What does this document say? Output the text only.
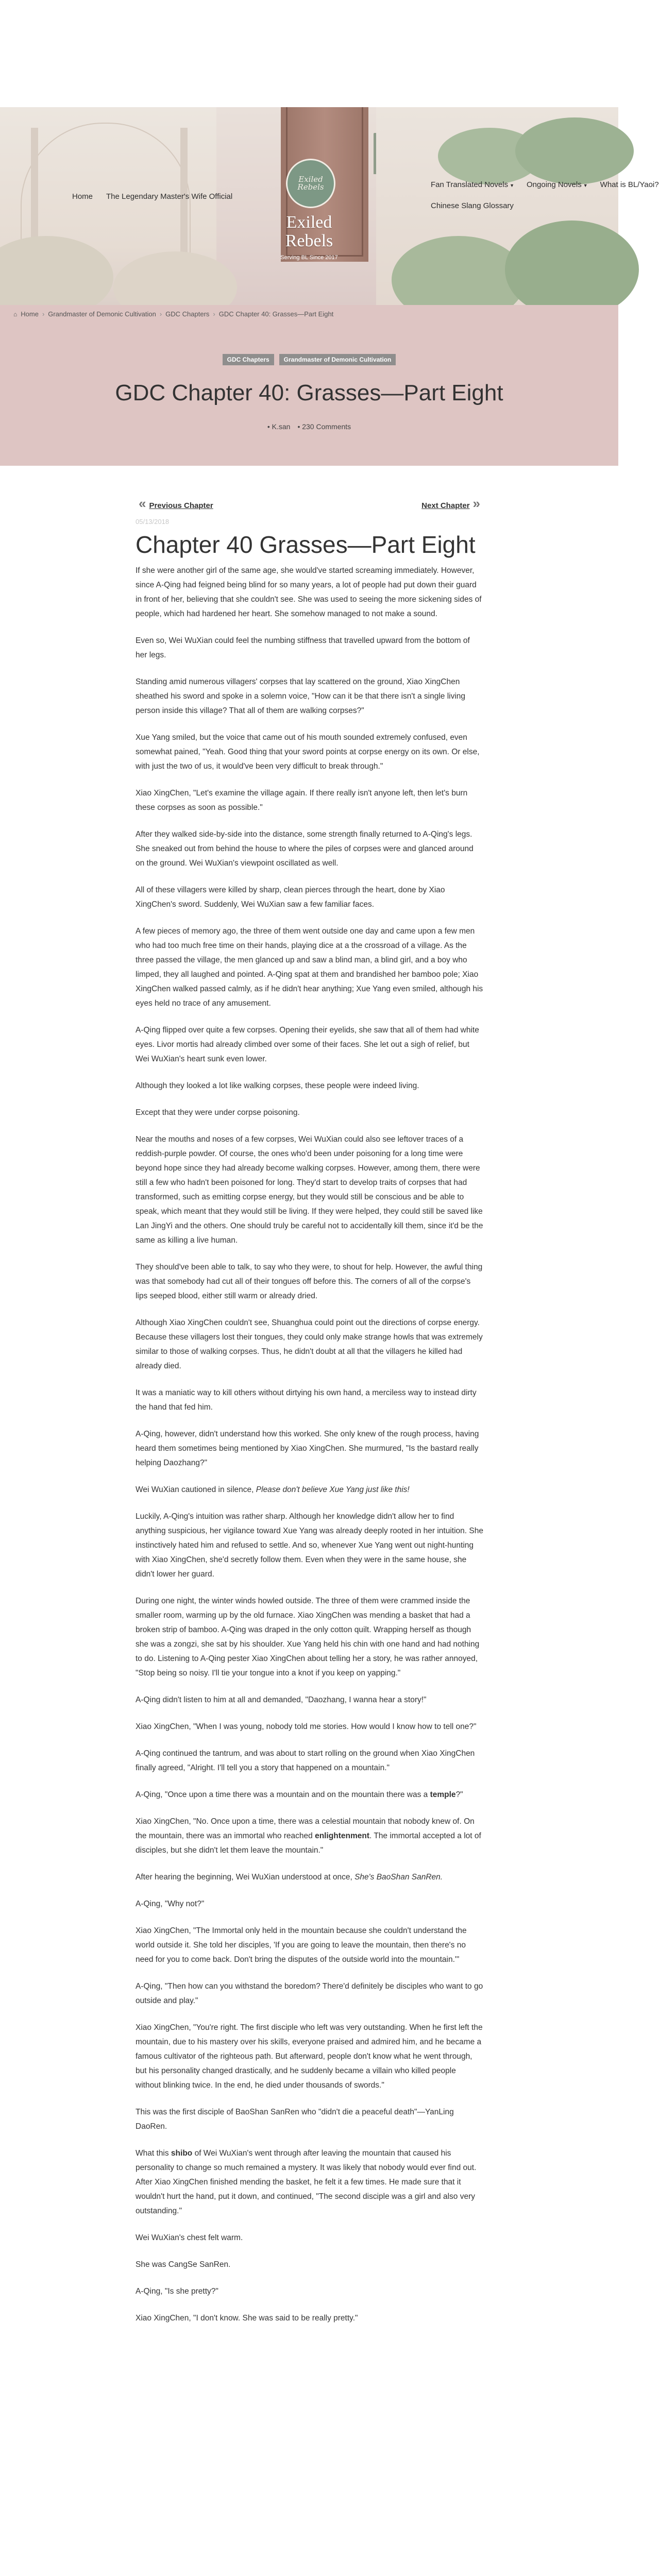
Exiled Rebels
Exiled
Rebels
Serving BL Since 2017
Home The Legendary Master's Wife Official
Fan Translated Novels ▼ Ongoing Novels ▼ What is BL/Yaoi?
Chinese Slang Glossary
⌂ Home › Grandmaster of Demonic Cultivation › GDC Chapters › GDC Chapter 40: Grasses—Part Eight
GDC Chapters	Grandmaster of Demonic Cultivation
GDC Chapter 40: Grasses—Part Eight
• K.san • 230 Comments
« Previous Chapter	Next Chapter »
05/13/2018
Chapter 40 Grasses—Part Eight

If she were another girl of the same age, she would've started screaming immediately. However, since A-Qing had feigned being blind for so many years, a lot of people had put down their guard in front of her, believing that she couldn't see. She was used to seeing the more sickening sides of people, which had hardened her heart. She somehow managed to not make a sound.

Even so, Wei WuXian could feel the numbing stiffness that travelled upward from the bottom of her legs.

Standing amid numerous villagers' corpses that lay scattered on the ground, Xiao XingChen sheathed his sword and spoke in a solemn voice, "How can it be that there isn't a single living person inside this village? That all of them are walking corpses?"

Xue Yang smiled, but the voice that came out of his mouth sounded extremely confused, even somewhat pained, "Yeah. Good thing that your sword points at corpse energy on its own. Or else, with just the two of us, it would've been very difficult to break through."

Xiao XingChen, "Let's examine the village again. If there really isn't anyone left, then let's burn these corpses as soon as possible."

After they walked side-by-side into the distance, some strength finally returned to A-Qing's legs. She sneaked out from behind the house to where the piles of corpses were and glanced around on the ground. Wei WuXian's viewpoint oscillated as well.

All of these villagers were killed by sharp, clean pierces through the heart, done by Xiao XingChen's sword. Suddenly, Wei WuXian saw a few familiar faces.

A few pieces of memory ago, the three of them went outside one day and came upon a few men who had too much free time on their hands, playing dice at a the crossroad of a village. As the three passed the village, the men glanced up and saw a blind man, a blind girl, and a boy who limped, they all laughed and pointed. A-Qing spat at them and brandished her bamboo pole; Xiao XingChen walked passed calmly, as if he didn't hear anything; Xue Yang even smiled, although his eyes held no trace of any amusement.

A-Qing flipped over quite a few corpses. Opening their eyelids, she saw that all of them had white eyes. Livor mortis had already climbed over some of their faces. She let out a sigh of relief, but Wei WuXian's heart sunk even lower.

Although they looked a lot like walking corpses, these people were indeed living.

Except that they were under corpse poisoning.

Near the mouths and noses of a few corpses, Wei WuXian could also see leftover traces of a reddish-purple powder. Of course, the ones who'd been under poisoning for a long time were beyond hope since they had already become walking corpses. However, among them, there were still a few who hadn't been poisoned for long. They'd start to develop traits of corpses that had transformed, such as emitting corpse energy, but they would still be conscious and be able to speak, which meant that they would still be living. If they were helped, they could still be saved like Lan JingYi and the others. One should truly be careful not to accidentally kill them, since it'd be the same as killing a live human.

They should've been able to talk, to say who they were, to shout for help. However, the awful thing was that somebody had cut all of their tongues off before this. The corners of all of the corpse's lips seeped blood, either still warm or already dried.

Although Xiao XingChen couldn't see, Shuanghua could point out the directions of corpse energy. Because these villagers lost their tongues, they could only make strange howls that was extremely similar to those of walking corpses. Thus, he didn't doubt at all that the villagers he killed had already died.

It was a maniatic way to kill others without dirtying his own hand, a merciless way to instead dirty the hand that fed him.

A-Qing, however, didn't understand how this worked. She only knew of the rough process, having heard them sometimes being mentioned by Xiao XingChen. She murmured, "Is the bastard really helping Daozhang?"

Wei WuXian cautioned in silence, Please don't believe Xue Yang just like this!

Luckily, A-Qing's intuition was rather sharp. Although her knowledge didn't allow her to find anything suspicious, her vigilance toward Xue Yang was already deeply rooted in her intuition. She instinctively hated him and refused to settle. And so, whenever Xue Yang went out night-hunting with Xiao XingChen, she'd secretly follow them. Even when they were in the same house, she didn't lower her guard.

During one night, the winter winds howled outside. The three of them were crammed inside the smaller room, warming up by the old furnace. Xiao XingChen was mending a basket that had a broken strip of bamboo. A-Qing was draped in the only cotton quilt. Wrapping herself as though she was a zongzi, she sat by his shoulder. Xue Yang held his chin with one hand and had nothing to do. Listening to A-Qing pester Xiao XingChen about telling her a story, he was rather annoyed, "Stop being so noisy. I'll tie your tongue into a knot if you keep on yapping."

A-Qing didn't listen to him at all and demanded, "Daozhang, I wanna hear a story!"

Xiao XingChen, "When I was young, nobody told me stories. How would I know how to tell one?"

A-Qing continued the tantrum, and was about to start rolling on the ground when Xiao XingChen finally agreed, "Alright. I'll tell you a story that happened on a mountain."

A-Qing, "Once upon a time there was a mountain and on the mountain there was a temple?"

Xiao XingChen, "No. Once upon a time, there was a celestial mountain that nobody knew of. On the mountain, there was an immortal who reached enlightenment. The immortal accepted a lot of disciples, but she didn't let them leave the mountain."

After hearing the beginning, Wei WuXian understood at once, She's BaoShan SanRen.

A-Qing, "Why not?"

Xiao XingChen, "The Immortal only held in the mountain because she couldn't understand the world outside it. She told her disciples, 'If you are going to leave the mountain, then there's no need for you to come back. Don't bring the disputes of the outside world into the mountain.'"

A-Qing, "Then how can you withstand the boredom? There'd definitely be disciples who want to go outside and play."

Xiao XingChen, "You're right. The first disciple who left was very outstanding. When he first left the mountain, due to his mastery over his skills, everyone praised and admired him, and he became a famous cultivator of the righteous path. But afterward, people don't know what he went through, but his personality changed drastically, and he suddenly became a villain who killed people without blinking twice. In the end, he died under thousands of swords."

This was the first disciple of BaoShan SanRen who "didn't die a peaceful death"—YanLing DaoRen.

What this shibo of Wei WuXian's went through after leaving the mountain that caused his personality to change so much remained a mystery. It was likely that nobody would ever find out. After Xiao XingChen finished mending the basket, he felt it a few times. He made sure that it wouldn't hurt the hand, put it down, and continued, "The second disciple was a girl and also very outstanding."

Wei WuXian's chest felt warm.

She was CangSe SanRen.

A-Qing, "Is she pretty?"

Xiao XingChen, "I don't know. She was said to be really pretty."
